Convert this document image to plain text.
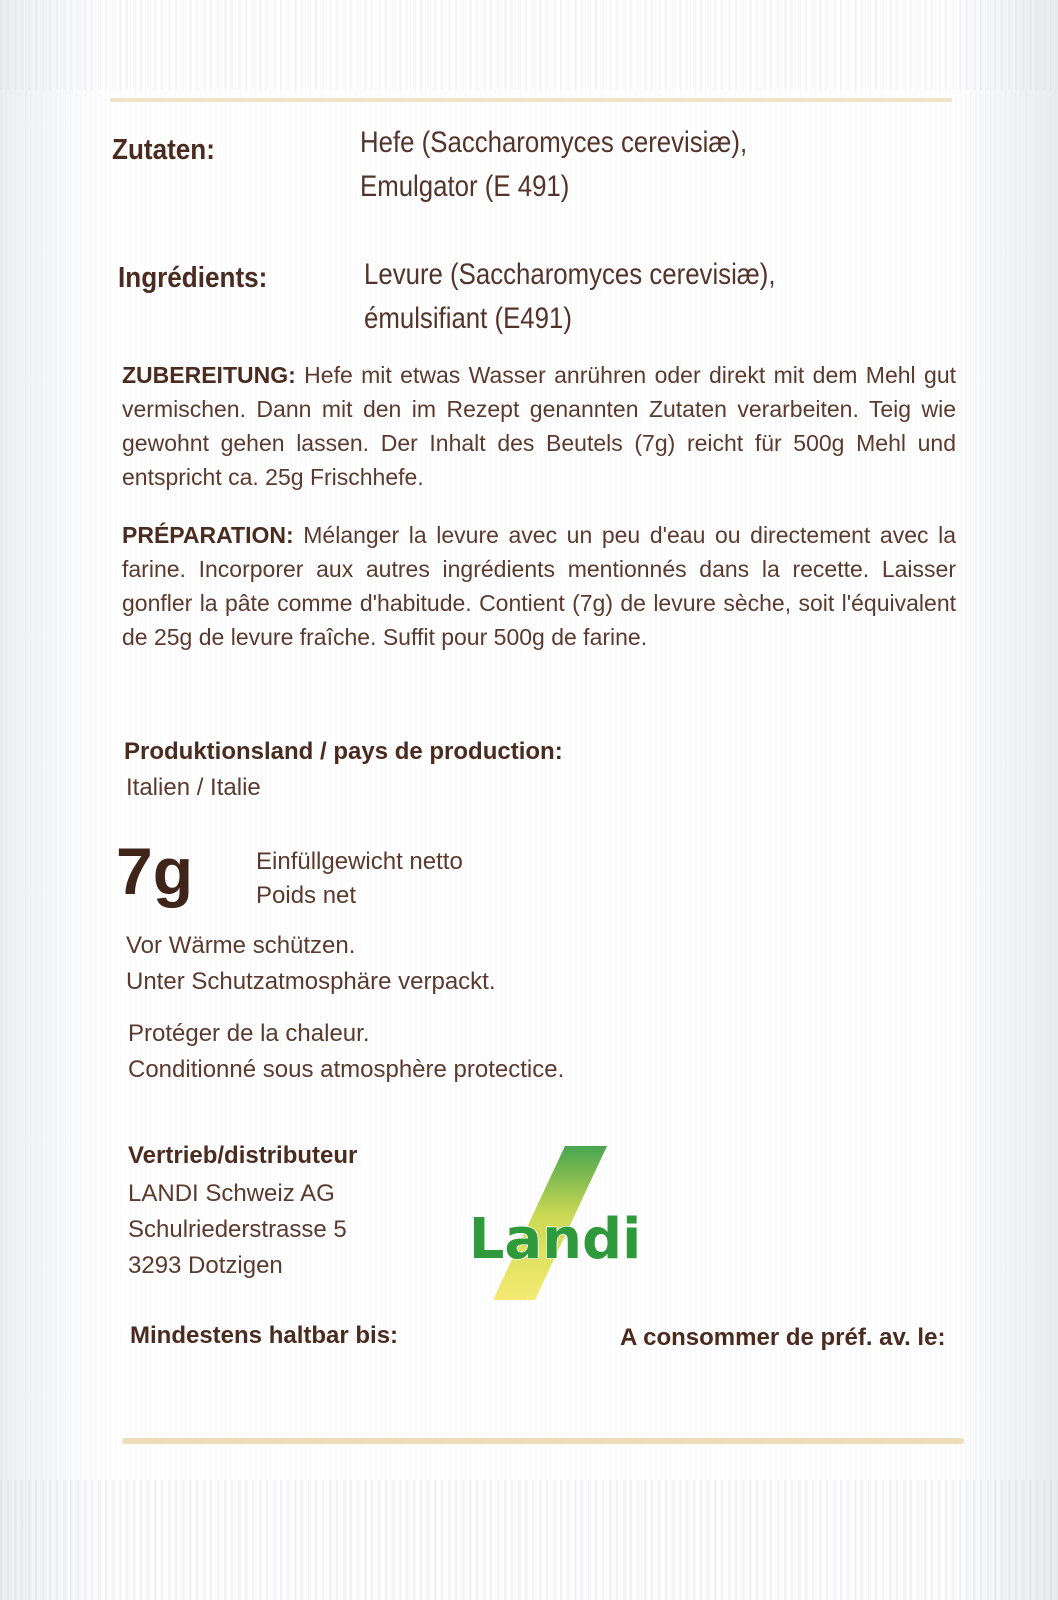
Zutaten:	Hefe (Saccharomyces cerevisiæ),

Emulgator (E 491)

Ingrédients:	Levure (Saccharomyces cerevisiæ),

émulsifiant (E491)

ZUBEREITUNG: Hefe mit etwas Wasser anrühren oder direkt mit dem Mehl gut vermischen. Dann mit den im Rezept genannten Zutaten verarbeiten. Teig wie gewohnt gehen lassen. Der Inhalt des Beutels (7g) reicht für 500g Mehl und entspricht ca. 25g Frischhefe.

PRÉPARATION: Mélanger la levure avec un peu d'eau ou directement avec la farine. Incorporer aux autres ingrédients mentionnés dans la recette. Laisser gonfler la pâte comme d'habitude. Contient (7g) de levure sèche, soit l'équivalent de 25g de levure fraîche. Suffit pour 500g de farine.

Produktionsland / pays de production:

Italien / Italie

7g	Einfüllgewicht netto

Poids net

Vor Wärme schützen.

Unter Schutzatmosphäre verpackt.

Protéger de la chaleur.

Conditionné sous atmosphère protectice.

Vertrieb/distributeur

LANDI Schweiz AG

Schulriederstrasse 5

3293 Dotzigen	Landi

Mindestens haltbar bis:	A consommer de préf. av. le:
